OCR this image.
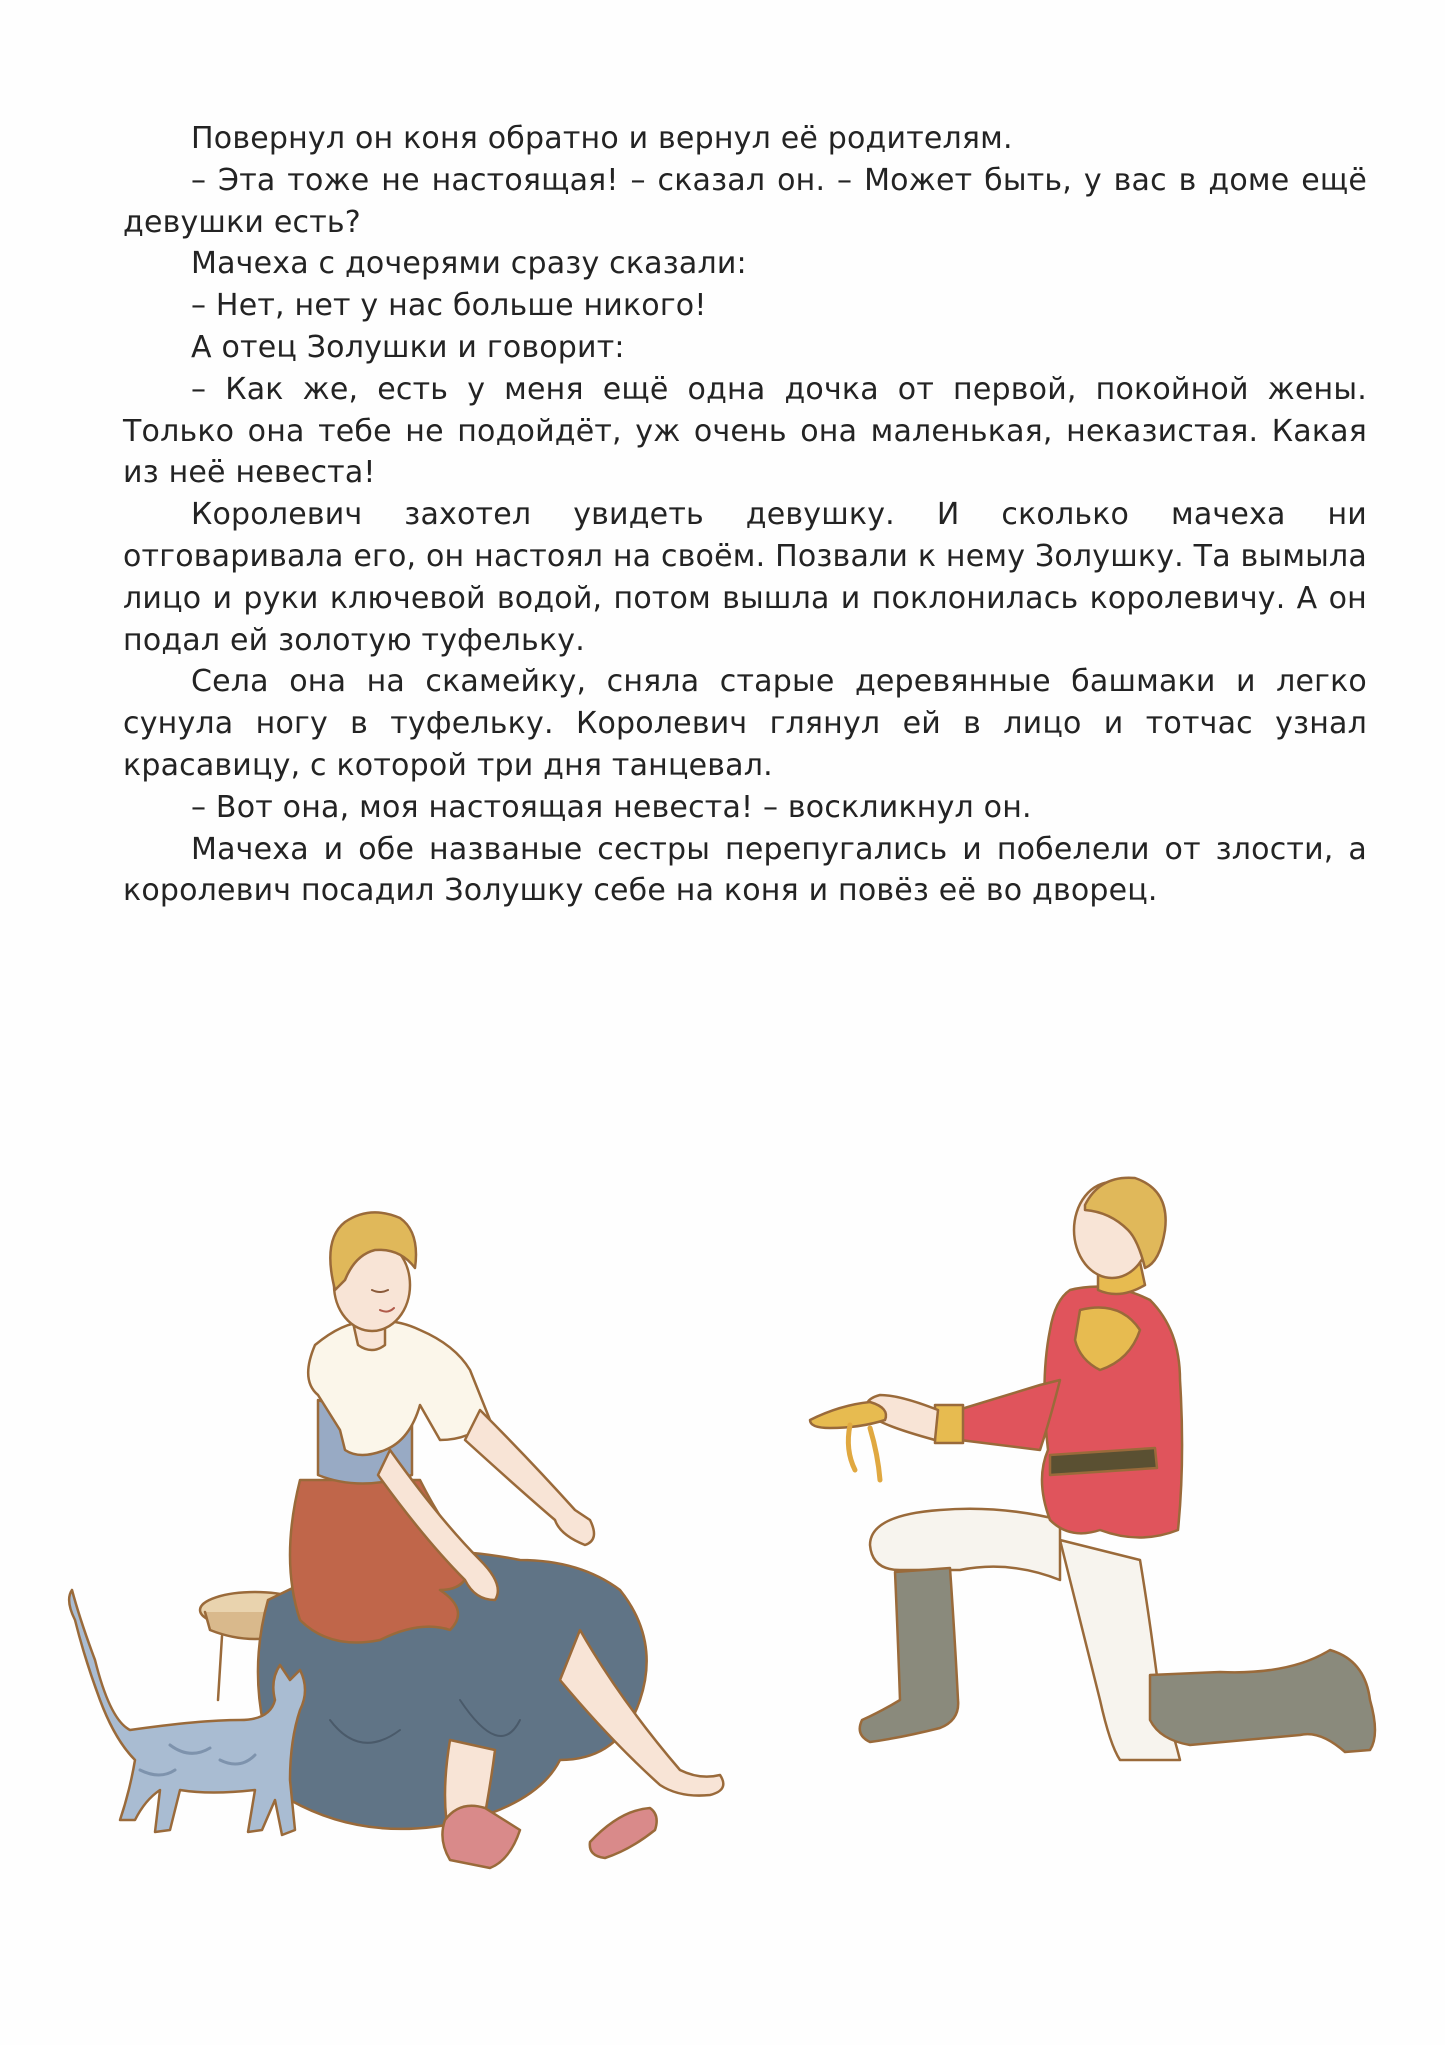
Повернул он коня обратно и вернул её родителям.

– Эта тоже не настоящая! – сказал он. – Может быть, у вас в доме ещё девушки есть?

Мачеха с дочерями сразу сказали:

– Нет, нет у нас больше никого!

А отец Золушки и говорит:

– Как же, есть у меня ещё одна дочка от первой, покойной жены. Только она тебе не подойдёт, уж очень она маленькая, неказистая. Какая из неё невеста!

Королевич захотел увидеть девушку. И сколько мачеха ни отговаривала его, он настоял на своём. Позвали к нему Золушку. Та вымыла лицо и руки ключевой водой, потом вышла и поклонилась королевичу. А он подал ей золотую туфельку.

Села она на скамейку, сняла старые деревянные башмаки и легко сунула ногу в туфельку. Королевич глянул ей в лицо и тотчас узнал красавицу, с которой три дня танцевал.

– Вот она, моя настоящая невеста! – воскликнул он.

Мачеха и обе названые сестры перепугались и побелели от злости, а королевич посадил Золушку себе на коня и повёз её во дворец.
